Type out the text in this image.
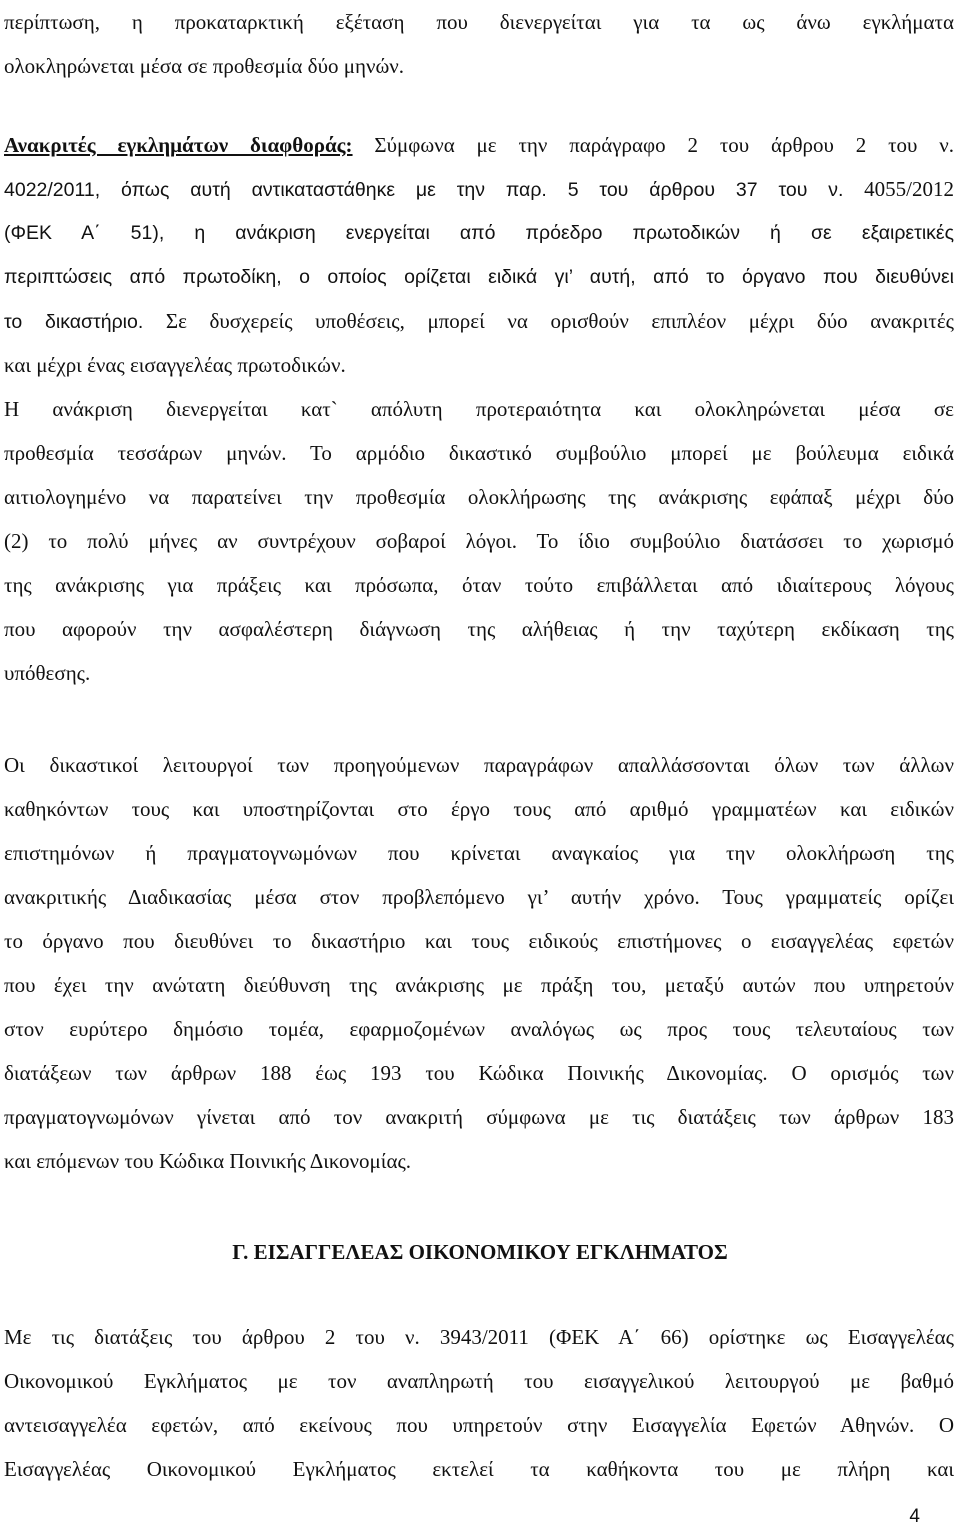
περίπτωση, η προκαταρκτική εξέταση που διενεργείται για τα ως άνω εγκλήματα
ολοκληρώνεται μέσα σε προθεσμία δύο μηνών.
Ανακριτές εγκλημάτων διαφθοράς: Σύμφωνα με την παράγραφο 2 του άρθρου 2 του ν.
4022/2011, όπως αυτή αντικαταστάθηκε με την παρ. 5 του άρθρου 37 του ν. 4055/2012
(ΦΕΚ Α΄ 51), η ανάκριση ενεργείται από πρόεδρο πρωτοδικών ή σε εξαιρετικές
περιπτώσεις από πρωτοδίκη, ο οποίος ορίζεται ειδικά γι’ αυτή, από το όργανο που διευθύνει
το δικαστήριο. Σε δυσχερείς υποθέσεις, μπορεί να ορισθούν επιπλέον μέχρι δύο ανακριτές
και μέχρι ένας εισαγγελέας πρωτοδικών.
Η ανάκριση διενεργείται κατ` απόλυτη προτεραιότητα και ολοκληρώνεται μέσα σε
προθεσμία τεσσάρων μηνών. Το αρμόδιο δικαστικό συμβούλιο μπορεί με βούλευμα ειδικά
αιτιολογημένο να παρατείνει την προθεσμία ολοκλήρωσης της ανάκρισης εφάπαξ μέχρι δύο
(2) το πολύ μήνες αν συντρέχουν σοβαροί λόγοι. Το ίδιο συμβούλιο διατάσσει το χωρισμό
της ανάκρισης για πράξεις και πρόσωπα, όταν τούτο επιβάλλεται από ιδιαίτερους λόγους
που αφορούν την ασφαλέστερη διάγνωση της αλήθειας ή την ταχύτερη εκδίκαση της
υπόθεσης.
Οι δικαστικοί λειτουργοί των προηγούμενων παραγράφων απαλλάσσονται όλων των άλλων
καθηκόντων τους και υποστηρίζονται στο έργο τους από αριθμό γραμματέων και ειδικών
επιστημόνων ή πραγματογνωμόνων που κρίνεται αναγκαίος για την ολοκλήρωση της
ανακριτικής Διαδικασίας μέσα στον προβλεπόμενο γι’ αυτήν χρόνο. Τους γραμματείς ορίζει
το όργανο που διευθύνει το δικαστήριο και τους ειδικούς επιστήμονες ο εισαγγελέας εφετών
που έχει την ανώτατη διεύθυνση της ανάκρισης με πράξη του, μεταξύ αυτών που υπηρετούν
στον ευρύτερο δημόσιο τομέα, εφαρμοζομένων αναλόγως ως προς τους τελευταίους των
διατάξεων των άρθρων 188 έως 193 του Κώδικα Ποινικής Δικονομίας. Ο ορισμός των
πραγματογνωμόνων γίνεται από τον ανακριτή σύμφωνα με τις διατάξεις των άρθρων 183
και επόμενων του Κώδικα Ποινικής Δικονομίας.
Γ. ΕΙΣΑΓΓΕΛΕΑΣ ΟΙΚΟΝΟΜΙΚΟΥ ΕΓΚΛΗΜΑΤΟΣ
Με τις διατάξεις του άρθρου 2 του ν. 3943/2011 (ΦΕΚ Α΄ 66) ορίστηκε ως Εισαγγελέας
Οικονομικού Εγκλήματος με τον αναπληρωτή του εισαγγελικού λειτουργού με βαθμό
αντεισαγγελέα εφετών, από εκείνους που υπηρετούν στην Εισαγγελία Εφετών Αθηνών. Ο
Εισαγγελέας Οικονομικού Εγκλήματος εκτελεί τα καθήκοντα του με πλήρη και
4
